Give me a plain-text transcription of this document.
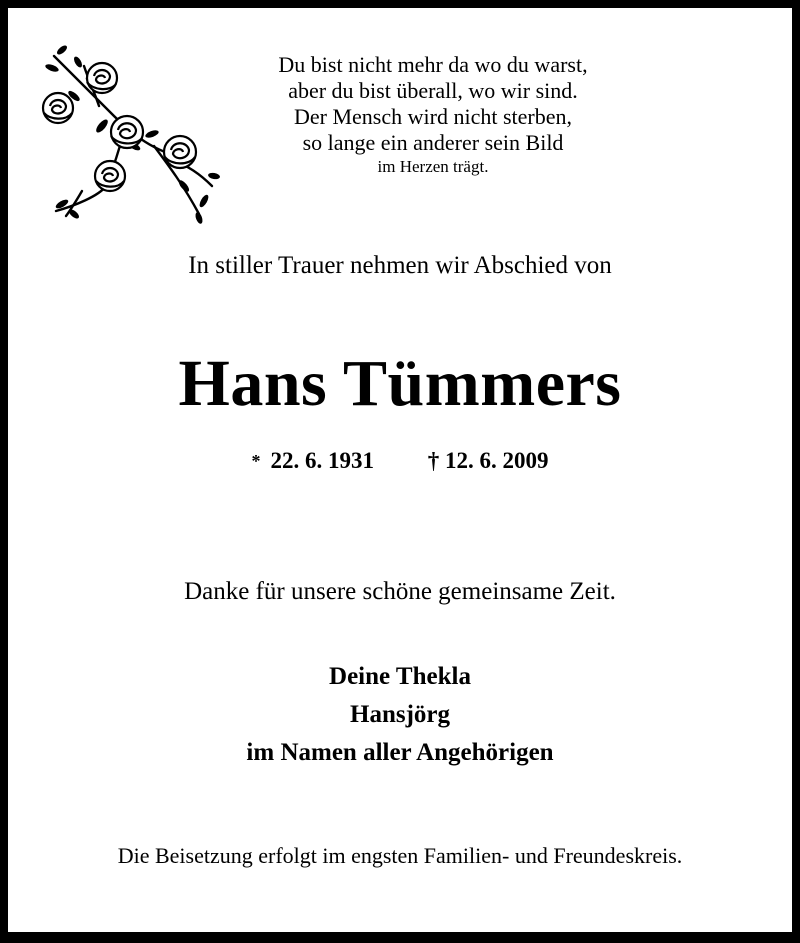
Du bist nicht mehr da wo du warst,
aber du bist überall, wo wir sind.
Der Mensch wird nicht sterben,
so lange ein anderer sein Bild
im Herzen trägt.
In stiller Trauer nehmen wir Abschied von
Hans Tümmers
* 22. 6. 1931 † 12. 6. 2009
Danke für unsere schöne gemeinsame Zeit.
Deine Thekla
Hansjörg
im Namen aller Angehörigen
Die Beisetzung erfolgt im engsten Familien- und Freundeskreis.
